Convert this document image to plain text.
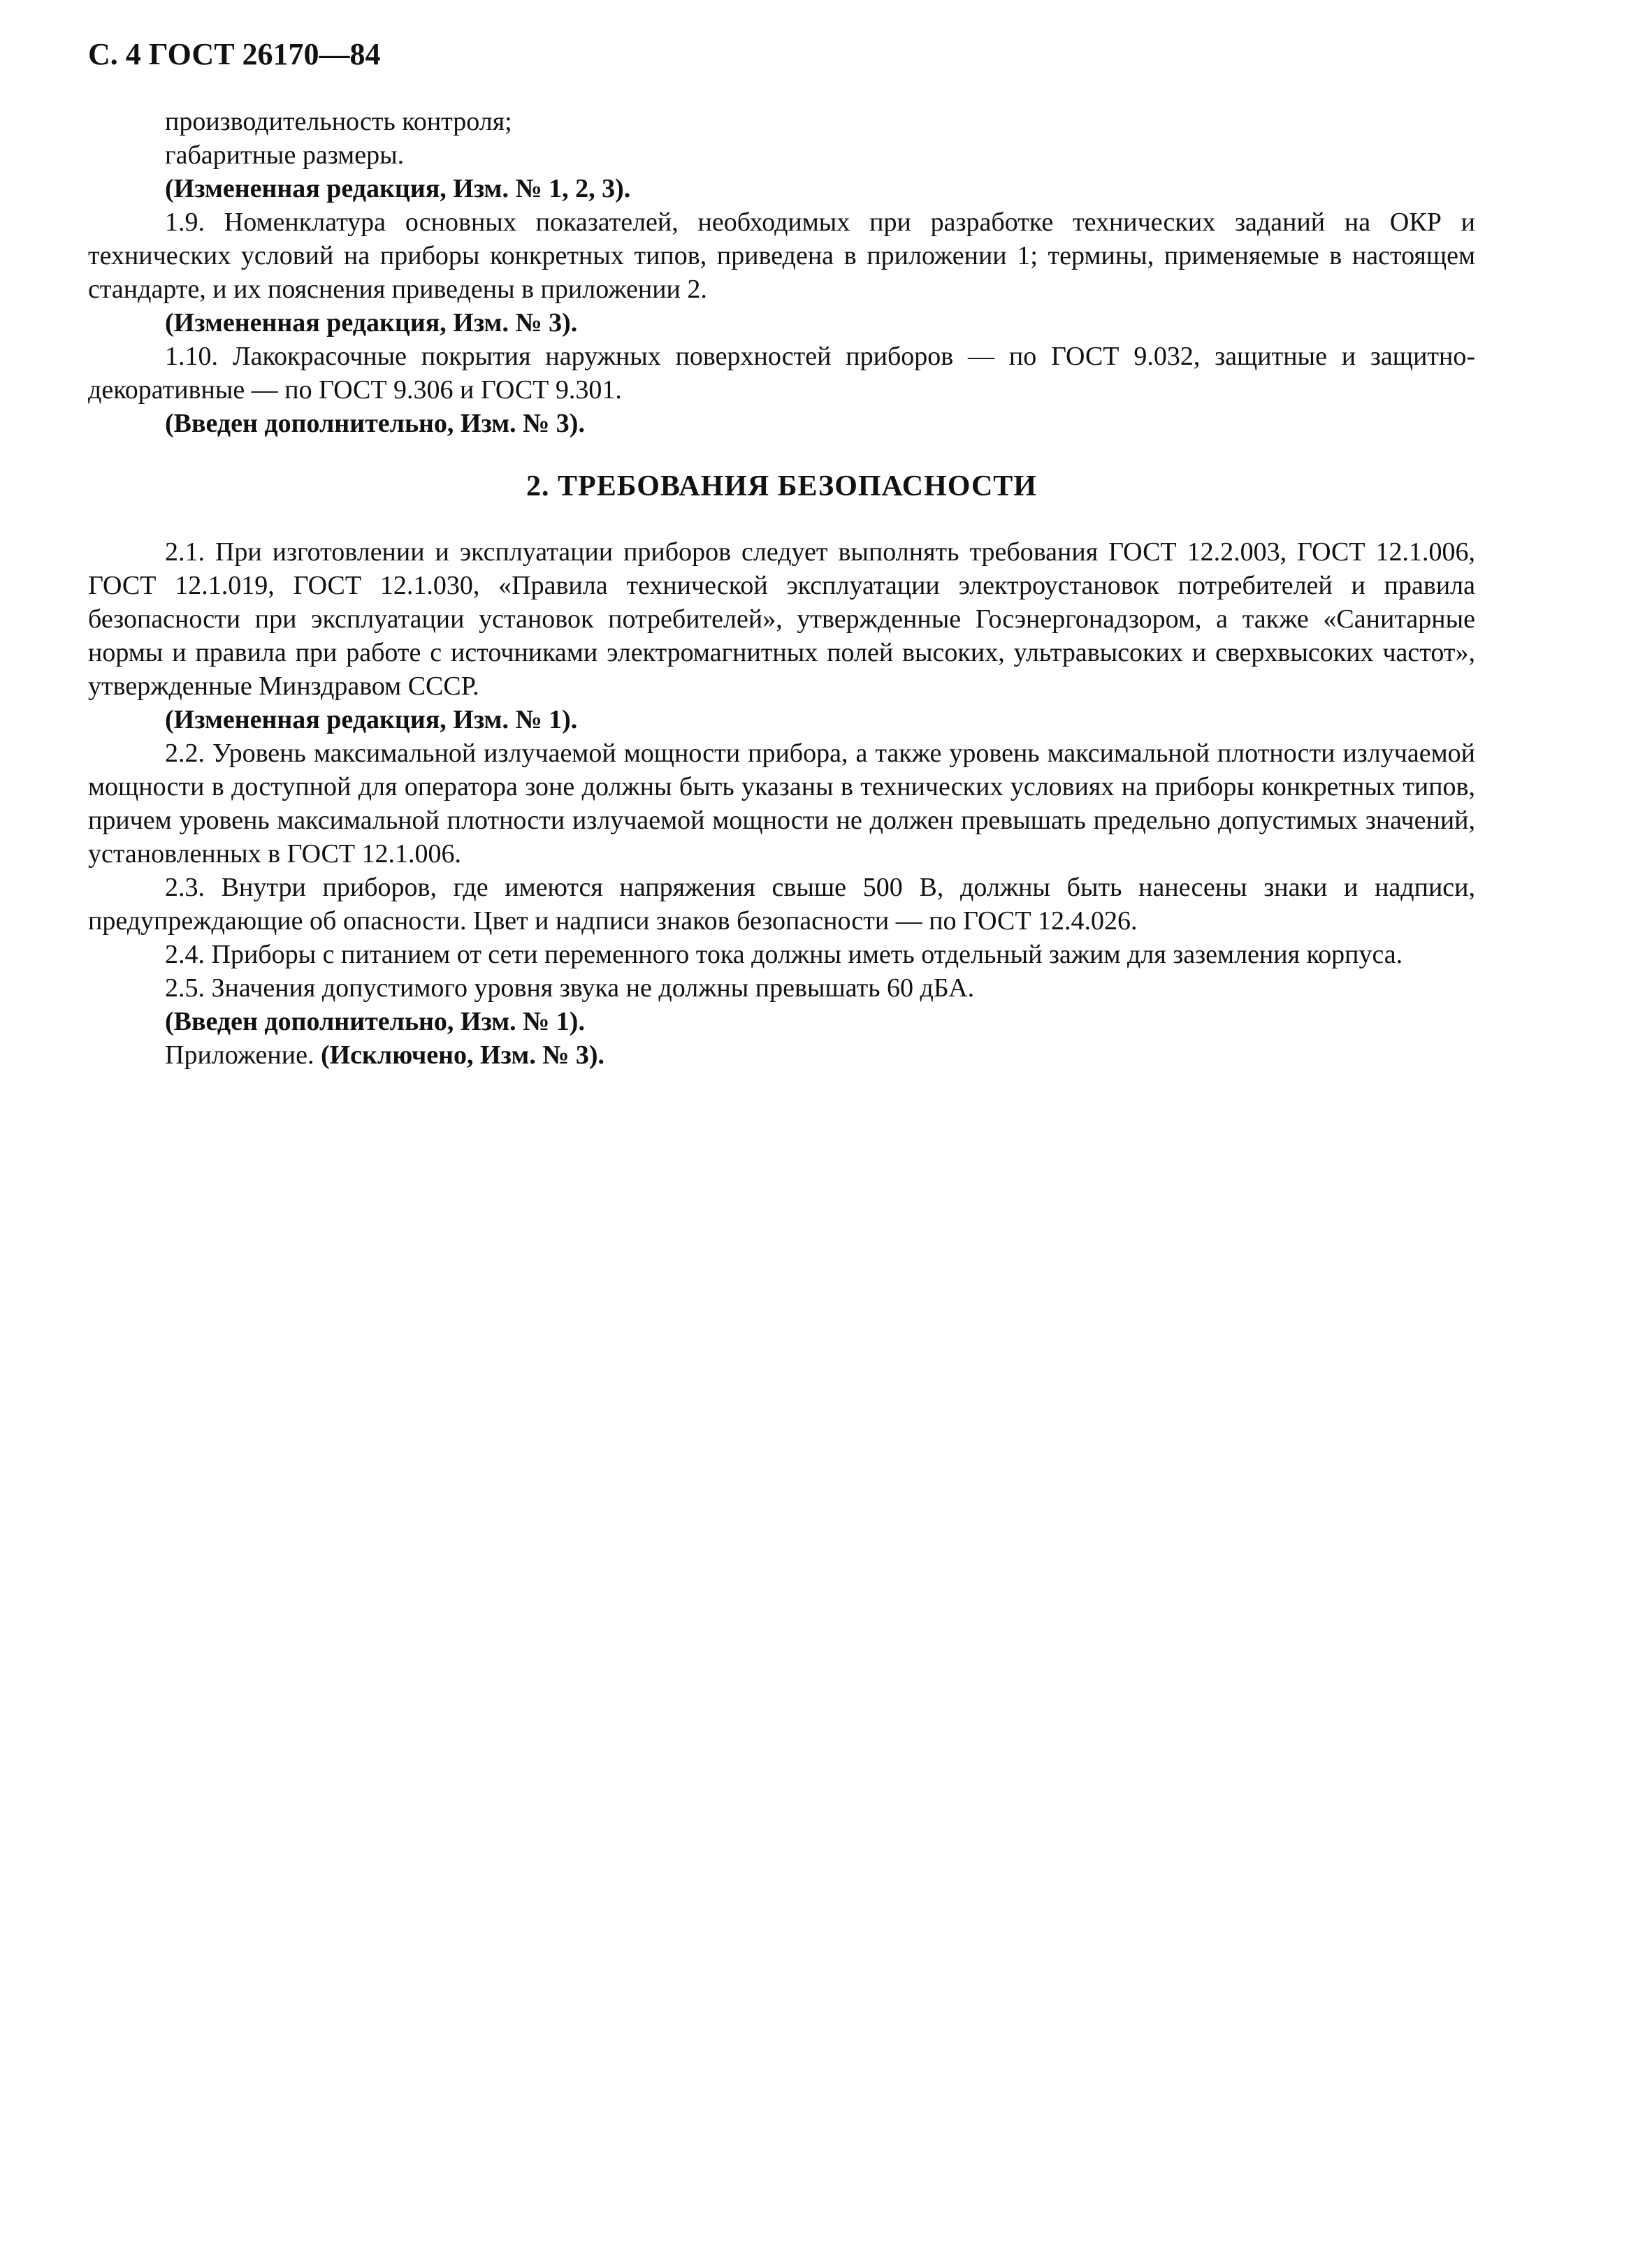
С. 4 ГОСТ 26170—84

производительность контроля;

габаритные размеры.

(Измененная редакция, Изм. № 1, 2, 3).

1.9. Номенклатура основных показателей, необходимых при разработке технических заданий на ОКР и технических условий на приборы конкретных типов, приведена в приложении 1; термины, применяемые в настоящем стандарте, и их пояснения приведены в приложении 2.

(Измененная редакция, Изм. № 3).

1.10. Лакокрасочные покрытия наружных поверхностей приборов — по ГОСТ 9.032, защитные и защитно-декоративные — по ГОСТ 9.306 и ГОСТ 9.301.

(Введен дополнительно, Изм. № 3).

2. ТРЕБОВАНИЯ БЕЗОПАСНОСТИ

2.1. При изготовлении и эксплуатации приборов следует выполнять требования ГОСТ 12.2.003, ГОСТ 12.1.006, ГОСТ 12.1.019, ГОСТ 12.1.030, «Правила технической эксплуатации электроустановок потребителей и правила безопасности при эксплуатации установок потребителей», утвержденные Госэнергонадзором, а также «Санитарные нормы и правила при работе с источниками электромагнитных полей высоких, ультравысоких и сверхвысоких частот», утвержденные Минздравом СССР.

(Измененная редакция, Изм. № 1).

2.2. Уровень максимальной излучаемой мощности прибора, а также уровень максимальной плотности излучаемой мощности в доступной для оператора зоне должны быть указаны в технических условиях на приборы конкретных типов, причем уровень максимальной плотности излучаемой мощности не должен превышать предельно допустимых значений, установленных в ГОСТ 12.1.006.

2.3. Внутри приборов, где имеются напряжения свыше 500 В, должны быть нанесены знаки и надписи, предупреждающие об опасности. Цвет и надписи знаков безопасности — по ГОСТ 12.4.026.

2.4. Приборы с питанием от сети переменного тока должны иметь отдельный зажим для заземления корпуса.

2.5. Значения допустимого уровня звука не должны превышать 60 дБА.

(Введен дополнительно, Изм. № 1).

Приложение. (Исключено, Изм. № 3).
